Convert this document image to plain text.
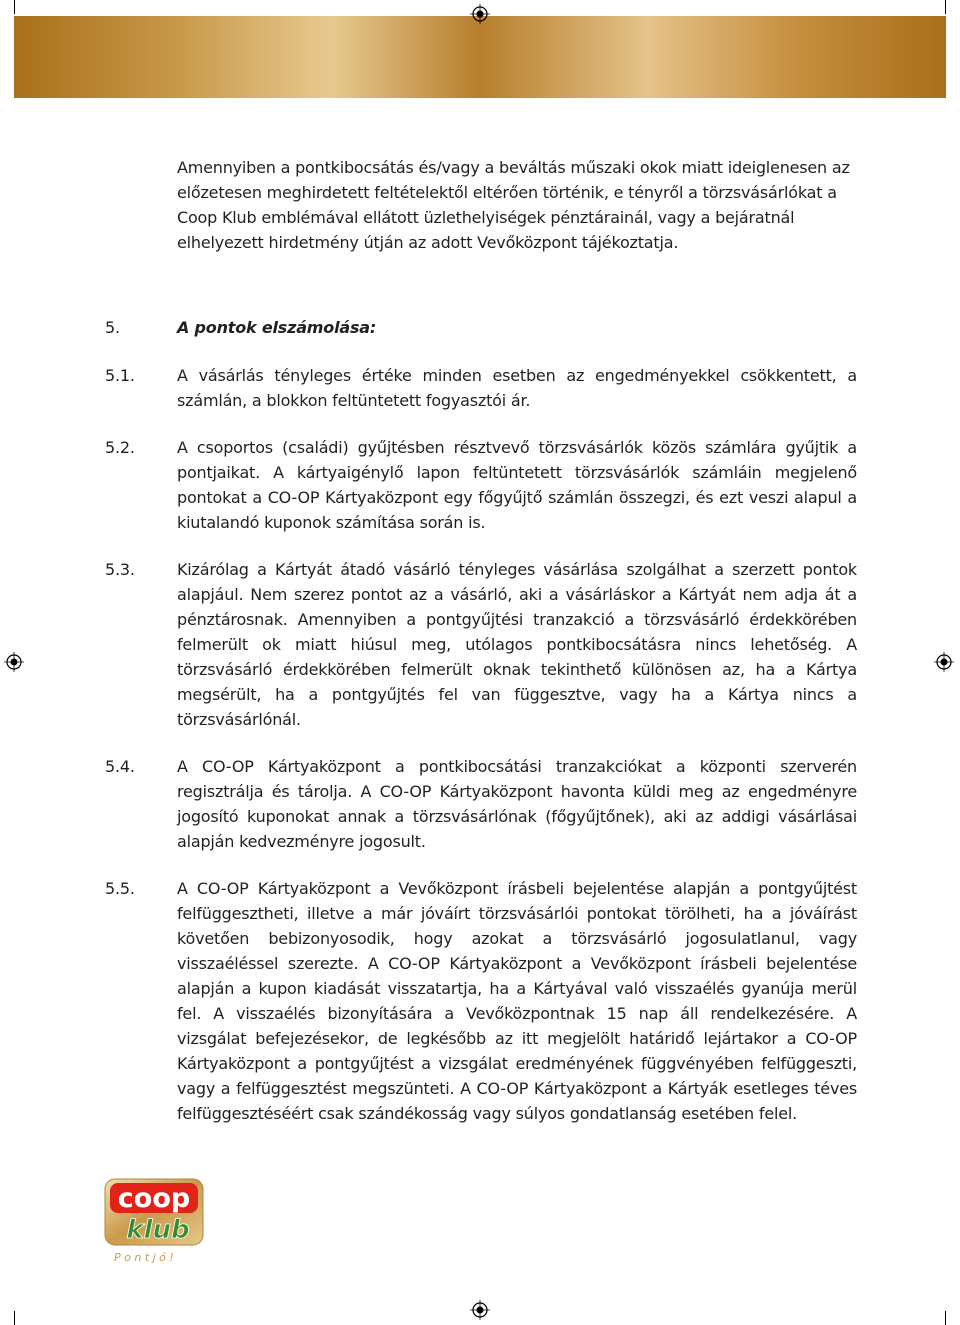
Amennyiben a pontkibocsátás és/vagy a beváltás műszaki okok miatt ideiglenesen az előzetesen meghirdetett feltételektől eltérően történik, e tényről a törzsvásárlókat a Coop Klub emblémával ellátott üzlethelyiségek pénztárainál, vagy a bejáratnál elhelyezett hirdetmény útján az adott Vevőközpont tájékoztatja.
5.	A pontok elszámolása:
5.1.	A vásárlás tényleges értéke minden esetben az engedményekkel csökkentett, a számlán, a blokkon feltüntetett fogyasztói ár.
5.2.	A csoportos (családi) gyűjtésben résztvevő törzsvásárlók közös számlára gyűjtik a pontjaikat. A kártyaigénylő lapon feltüntetett törzsvásárlók számláin megjelenő pontokat a CO-OP Kártyaközpont egy főgyűjtő számlán összegzi, és ezt veszi alapul a kiutalandó kuponok számítása során is.
5.3.	Kizárólag a Kártyát átadó vásárló tényleges vásárlása szolgálhat a szerzett pontok alapjául. Nem szerez pontot az a vásárló, aki a vásárláskor a Kártyát nem adja át a pénztárosnak. Amennyiben a pontgyűjtési tranzakció a törzsvásárló érdekkörében felmerült ok miatt hiúsul meg, utólagos pontkibocsátásra nincs lehetőség. A törzsvásárló érdekkörében felmerült oknak tekinthető különösen az, ha a Kártya megsérült, ha a pontgyűjtés fel van függesztve, vagy ha a Kártya nincs a törzsvásárlónál.
5.4.	A CO-OP Kártyaközpont a pontkibocsátási tranzakciókat a központi szerverén regisztrálja és tárolja. A CO-OP Kártyaközpont havonta küldi meg az engedményre jogosító kuponokat annak a törzsvásárlónak (főgyűjtőnek), aki az addigi vásárlásai alapján kedvezményre jogosult.
5.5.	A CO-OP Kártyaközpont a Vevőközpont írásbeli bejelentése alapján a pontgyűjtést felfüggesztheti, illetve a már jóváírt törzsvásárlói pontokat törölheti, ha a jóváírást követően bebizonyosodik, hogy azokat a törzsvásárló jogosulatlanul, vagy visszaéléssel szerezte. A CO-OP Kártyaközpont a Vevőközpont írásbeli bejelentése alapján a kupon kiadását visszatartja, ha a Kártyával való visszaélés gyanúja merül fel. A visszaélés bizonyítására a Vevőközpontnak 15 nap áll rendelkezésére. A vizsgálat befejezésekor, de legkésőbb az itt megjelölt határidő lejártakor a CO-OP Kártyaközpont a pontgyűjtést a vizsgálat eredményének függvényében felfüggeszti, vagy a felfüggesztést megszünteti. A CO-OP Kártyaközpont a Kártyák esetleges téves felfüggesztéséért csak szándékosság vagy súlyos gondatlanság esetében felel.
coop
klub
P o n t j ó !
